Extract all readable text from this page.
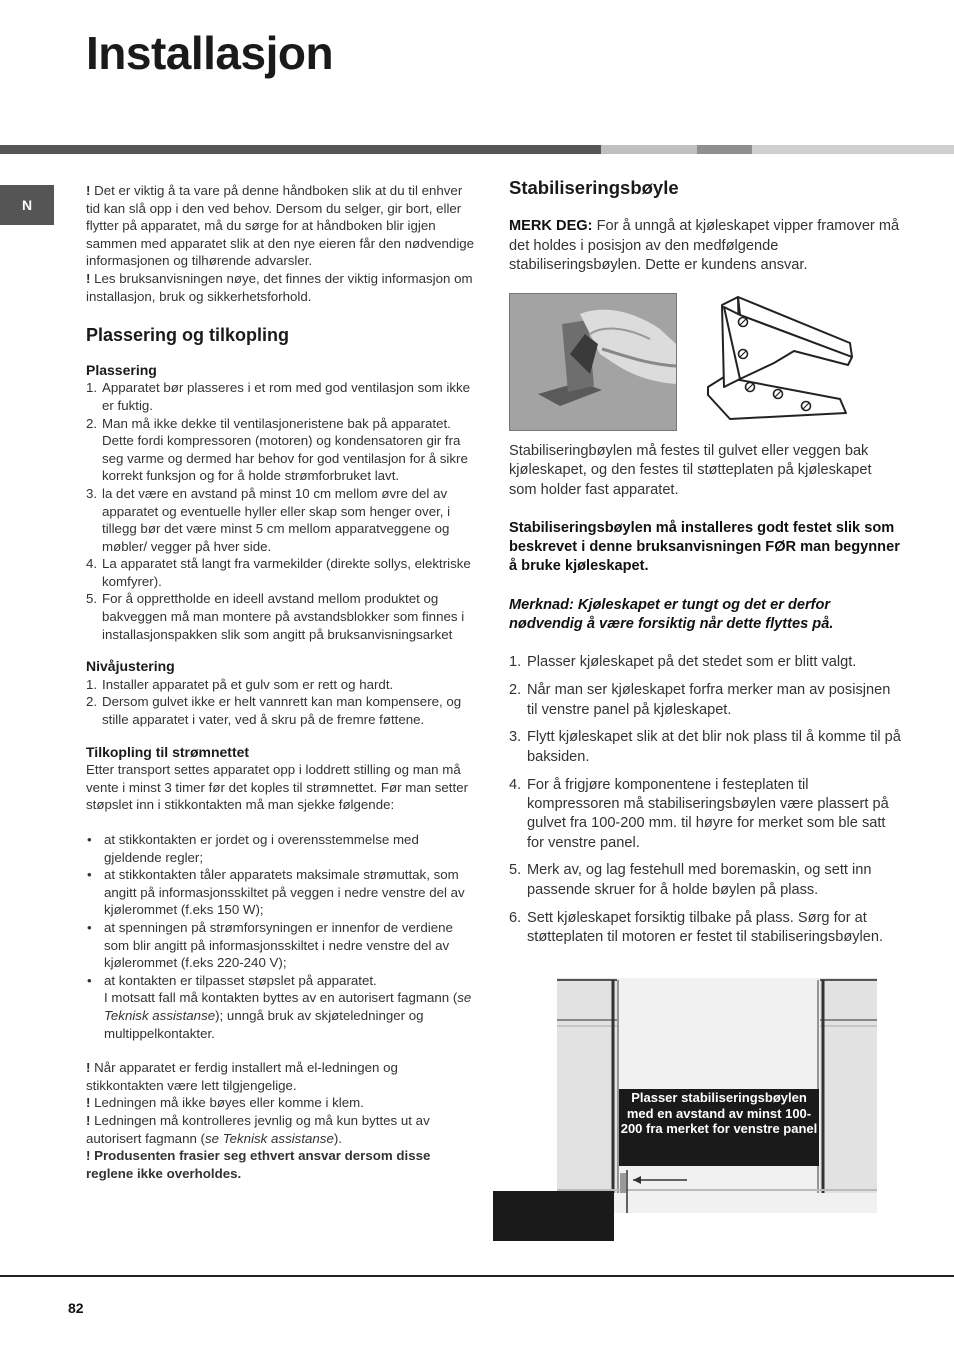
Installasjon
N

! Det er viktig å ta vare på denne håndboken slik at du til enhver tid kan slå opp i den ved behov. Dersom du selger, gir bort, eller flytter på apparatet, må du sørge for at håndboken blir igjen sammen med apparatet slik at den nye eieren får den nødvendige informasjonen og tilhørende advarsler.

! Les bruksanvisningen nøye, det finnes der viktig informasjon om installasjon, bruk og sikkerhetsforhold.

Plassering og tilkopling
Plassering
1. Apparatet bør plasseres i et rom med god ventilasjon som ikke er fuktig.
2. Man må ikke dekke til ventilasjoneristene bak på apparatet. Dette fordi kompressoren (motoren) og kondensatoren gir fra seg varme og dermed har behov for god ventilasjon for å sikre korrekt funksjon og for å holde strømforbruket lavt.
3. la det være en avstand på minst 10 cm mellom øvre del av apparatet og eventuelle hyller eller skap som henger over, i tillegg bør det være minst 5 cm mellom apparatveggene og møbler/ vegger på hver side.
4. La apparatet stå langt fra varmekilder (direkte sollys, elektriske komfyrer).
5. For å opprettholde en ideell avstand mellom produktet og bakveggen må man montere på avstandsblokker som finnes i installasjonspakken slik som angitt på bruksanvisningsarket
Nivåjustering
1. Installer apparatet på et gulv som er rett og hardt.
2. Dersom gulvet ikke er helt vannrett kan man kompensere, og stille apparatet i vater, ved å skru på de fremre føttene.
Tilkopling til strømnettet

Etter transport settes apparatet opp i loddrett stilling og man må vente i minst 3 timer før det koples til strømnettet. Før man setter støpslet inn i stikkontakten må man sjekke følgende:

• at stikkontakten er jordet og i overensstemmelse med gjeldende regler;
• at stikkontakten tåler apparatets maksimale strømuttak, som angitt på informasjonsskiltet på veggen i nedre venstre del av kjølerommet (f.eks 150 W);
• at spenningen på strømforsyningen er innenfor de verdiene som blir angitt på informasjonsskiltet i nedre venstre del av kjølerommet (f.eks 220-240 V);
• at kontakten er tilpasset støpslet på apparatet.
I motsatt fall må kontakten byttes av en autorisert fagmann (se Teknisk assistanse); unngå bruk av skjøteledninger og multippelkontakter.

! Når apparatet er ferdig installert må el-ledningen og stikkontakten være lett tilgjengelige.

! Ledningen må ikke bøyes eller komme i klem.

! Ledningen må kontrolleres jevnlig og må kun byttes ut av autorisert fagmann (se Teknisk assistanse).

! Produsenten frasier seg ethvert ansvar dersom disse reglene ikke overholdes.

Stabiliseringsbøyle

MERK DEG: For å unngå at kjøleskapet vipper framover må det holdes i posisjon av den medfølgende stabiliseringsbøylen. Dette er kundens ansvar.

Stabiliseringbøylen må festes til gulvet eller veggen bak kjøleskapet, og den festes til støtteplaten på kjøleskapet som holder fast apparatet.

Stabiliseringsbøylen må installeres godt festet slik som beskrevet i denne bruksanvisningen FØR man begynner å bruke kjøleskapet.

Merknad: Kjøleskapet er tungt og det er derfor nødvendig å være forsiktig når dette flyttes på.

1. Plasser kjøleskapet på det stedet som er blitt valgt.
2. Når man ser kjøleskapet forfra merker man av posisjnen til venstre panel på kjøleskapet.
3. Flytt kjøleskapet slik at det blir nok plass til å komme til på baksiden.
4. For å frigjøre komponentene i festeplaten til kompressoren må stabiliseringsbøylen være plassert på gulvet fra 100-200 mm. til høyre for merket som ble satt for venstre panel.
5. Merk av, og lag festehull med boremaskin, og sett inn passende skruer for å holde bøylen på plass.
6. Sett kjøleskapet forsiktig tilbake på plass. Sørg for at støtteplaten til motoren er festet til stabiliseringsbøylen.
Plasser stabiliseringsbøylen med en avstand av minst 100-200 fra merket for venstre panel
82
